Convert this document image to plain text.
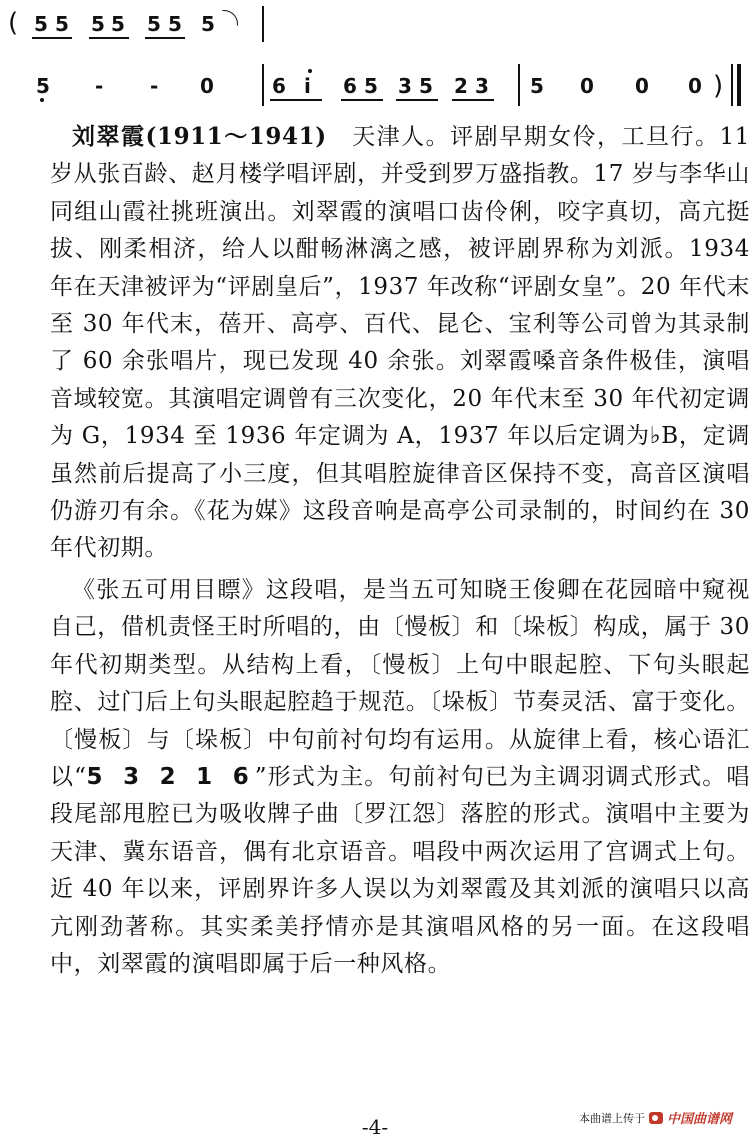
(
)
5 5 5 5 5 5 5
5 - - 0	6 i 6 5 3 5 2 3 5 0 0 0

刘翠霞(1911～1941)　 天津人。评剧早期女伶，工旦行。11 岁从张百龄、赵月楼学唱评剧，并受到罗万盛指教。17 岁与李华山同组山霞社挑班演出。刘翠霞的演唱口齿伶俐，咬字真切，高亢挺拔、刚柔相济，给人以酣畅淋漓之感，被评剧界称为刘派。1934 年在天津被评为“评剧皇后”，1937 年改称“评剧女皇”。20 年代末至 30 年代末，蓓开、高亭、百代、昆仑、宝利等公司曾为其录制了 60 余张唱片，现已发现 40 余张。刘翠霞嗓音条件极佳，演唱音域较宽。其演唱定调曾有三次变化，20 年代末至 30 年代初定调为 G，1934 至 1936 年定调为 A，1937 年以后定调为♭B，定调虽然前后提高了小三度，但其唱腔旋律音区保持不变，高音区演唱仍游刃有余。《花为媒》这段音响是高亭公司录制的，时间约在 30 年代初期。

《张五可用目瞟》这段唱，是当五可知晓王俊卿在花园暗中窥视自己，借机责怪王时所唱的，由〔慢板〕和〔垛板〕构成，属于 30 年代初期类型。从结构上看，〔慢板〕上句中眼起腔、下句头眼起腔、过门后上句头眼起腔趋于规范。〔垛板〕节奏灵活、富于变化。〔慢板〕与〔垛板〕中句前衬句均有运用。从旋律上看，核心语汇以“5 3 2 1 6”形式为主。句前衬句已为主调羽调式形式。唱段尾部甩腔已为吸收牌子曲〔罗江怨〕落腔的形式。演唱中主要为天津、冀东语音，偶有北京语音。唱段中两次运用了宫调式上句。近 40 年以来，评剧界许多人误以为刘翠霞及其刘派的演唱只以高亢刚劲著称。其实柔美抒情亦是其演唱风格的另一面。在这段唱中，刘翠霞的演唱即属于后一种风格。

本曲谱上传于 中国曲谱网
-4-
